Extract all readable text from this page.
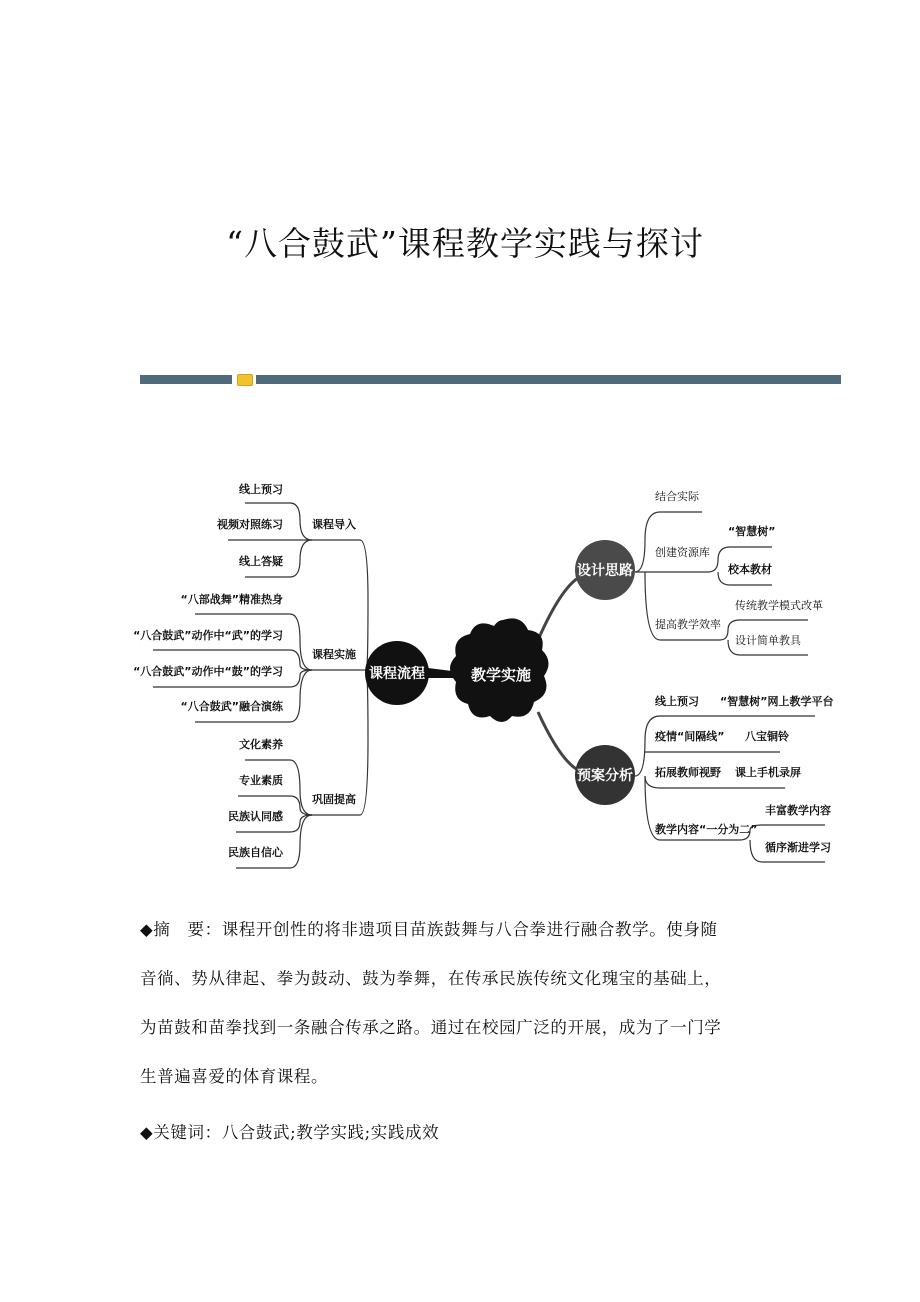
“八合鼓武”课程教学实践与探讨
课程流程	教学实施
设计思路
预案分析
课程导入
线上预习
视频对照练习
线上答疑
课程实施
“八部战舞”精准热身
“八合鼓武”动作中“武”的学习
“八合鼓武”动作中“鼓”的学习
“八合鼓武”融合演练
巩固提高
文化素养
专业素质
民族认同感
民族自信心
结合实际
创建资源库
“智慧树”
校本教材
提高教学效率
传统教学模式改革
设计简单教具
线上预习 “智慧树”网上教学平台
疫情“间隔线” 八宝铜铃
拓展教师视野 课上手机录屏
教学内容“一分为二”
丰富教学内容
循序渐进学习
◆摘　要：课程开创性的将非遗项目苗族鼓舞与八合拳进行融合教学。使身随
音徜、势从律起、拳为鼓动、鼓为拳舞，在传承民族传统文化瑰宝的基础上，
为苗鼓和苗拳找到一条融合传承之路。通过在校园广泛的开展，成为了一门学
生普遍喜爱的体育课程。
◆关键词：八合鼓武;教学实践;实践成效
